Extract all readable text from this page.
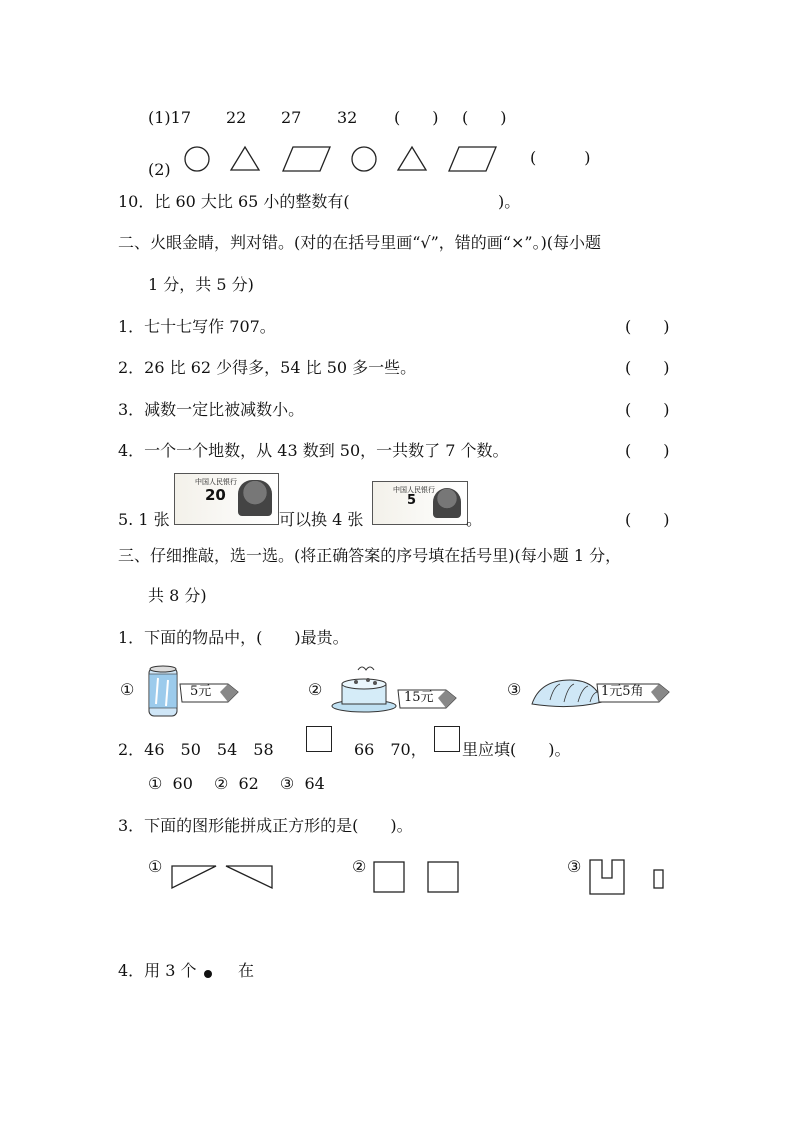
(1)17 22 27 32 (　　) (　　)
(2)
(　　　)
10．比 60 大比 65 小的整数有(	)。
二、火眼金睛，判对错。(对的在括号里画“√”，错的画“×”。)(每小题
1 分，共 5 分)
1．七十七写作 707。	(　　)
2．26 比 62 少得多，54 比 50 多一些。	(　　)
3．减数一定比被减数小。	(　　)
4．一个一个地数，从 43 数到 50，一共数了 7 个数。	(　　)
5. 1 张
中国人民银行
20
可以换 4 张
中国人民银行
5
。	(　　)
三、仔细推敲，选一选。(将正确答案的序号填在括号里)(每小题 1 分，
共 8 分)
1．下面的物品中，(　　)最贵。
①	5元	②	15元	③	1元5角
2．46　50　54　58	66　70， 里应填(　　)。
①  60　 ②  62　 ③  64
3．下面的图形能拼成正方形的是(　　)。
①	②	③
4．用 3 个	在
